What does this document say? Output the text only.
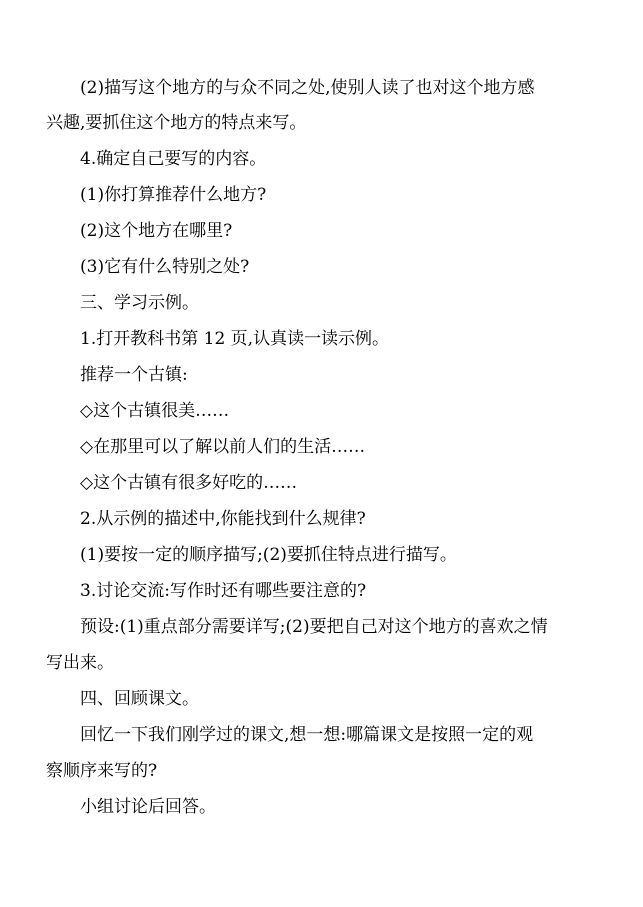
(2)描写这个地方的与众不同之处,使别人读了也对这个地方感
兴趣,要抓住这个地方的特点来写。
4.确定自己要写的内容。
(1)你打算推荐什么地方?
(2)这个地方在哪里?
(3)它有什么特别之处?
三、学习示例。
1.打开教科书第 12 页,认真读一读示例。
推荐一个古镇:
◇这个古镇很美……
◇在那里可以了解以前人们的生活……
◇这个古镇有很多好吃的……
2.从示例的描述中,你能找到什么规律?
(1)要按一定的顺序描写;(2)要抓住特点进行描写。
3.讨论交流:写作时还有哪些要注意的?
预设:(1)重点部分需要详写;(2)要把自己对这个地方的喜欢之情
写出来。
四、回顾课文。
回忆一下我们刚学过的课文,想一想:哪篇课文是按照一定的观
察顺序来写的?
小组讨论后回答。
